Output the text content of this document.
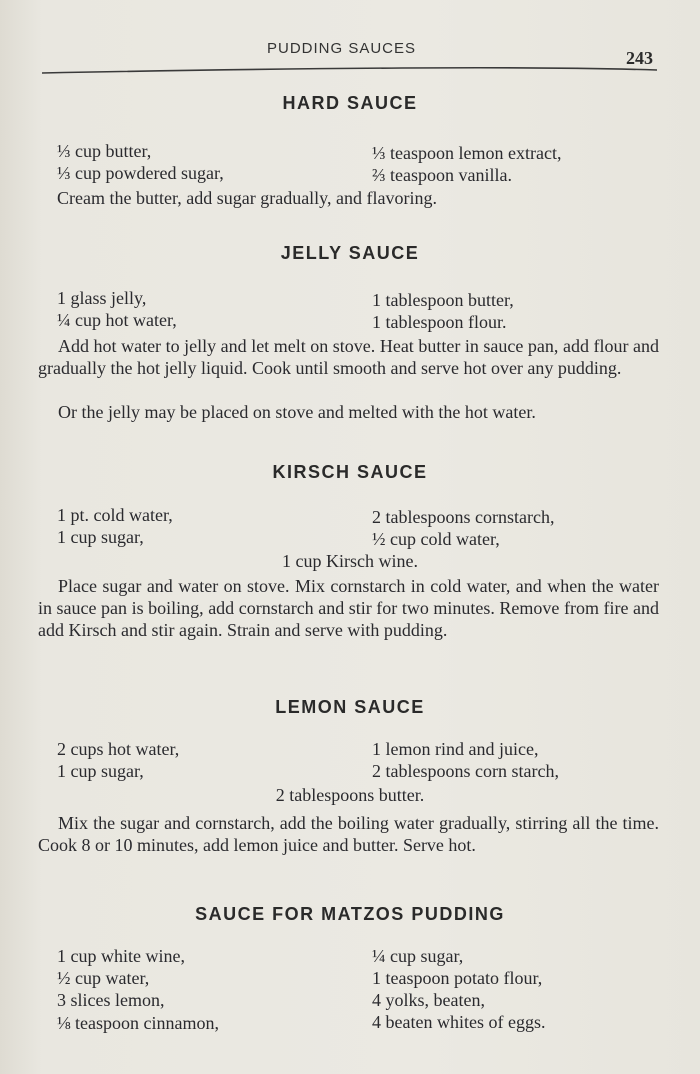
PUDDING SAUCES	243
HARD SAUCE
⅓ cup butter,
⅓ cup powdered sugar,
⅓ teaspoon lemon extract,
⅔ teaspoon vanilla.
Cream the butter, add sugar gradually, and flavoring.
JELLY SAUCE
1 glass jelly,
¼ cup hot water,
1 tablespoon butter,
1 tablespoon flour.
Add hot water to jelly and let melt on stove. Heat butter in sauce pan, add flour and gradually the hot jelly liquid. Cook until smooth and serve hot over any pudding.
Or the jelly may be placed on stove and melted with the hot water.
KIRSCH SAUCE
1 pt. cold water,
1 cup sugar,
2 tablespoons cornstarch,
½ cup cold water,
1 cup Kirsch wine.
Place sugar and water on stove. Mix cornstarch in cold water, and when the water in sauce pan is boiling, add cornstarch and stir for two minutes. Remove from fire and add Kirsch and stir again. Strain and serve with pudding.
LEMON SAUCE
2 cups hot water,
1 cup sugar,
1 lemon rind and juice,
2 tablespoons corn starch,
2 tablespoons butter.
Mix the sugar and cornstarch, add the boiling water gradually, stirring all the time. Cook 8 or 10 minutes, add lemon juice and butter. Serve hot.
SAUCE FOR MATZOS PUDDING
1 cup white wine,
½ cup water,
3 slices lemon,
⅛ teaspoon cinnamon,
¼ cup sugar,
1 teaspoon potato flour,
4 yolks, beaten,
4 beaten whites of eggs.
